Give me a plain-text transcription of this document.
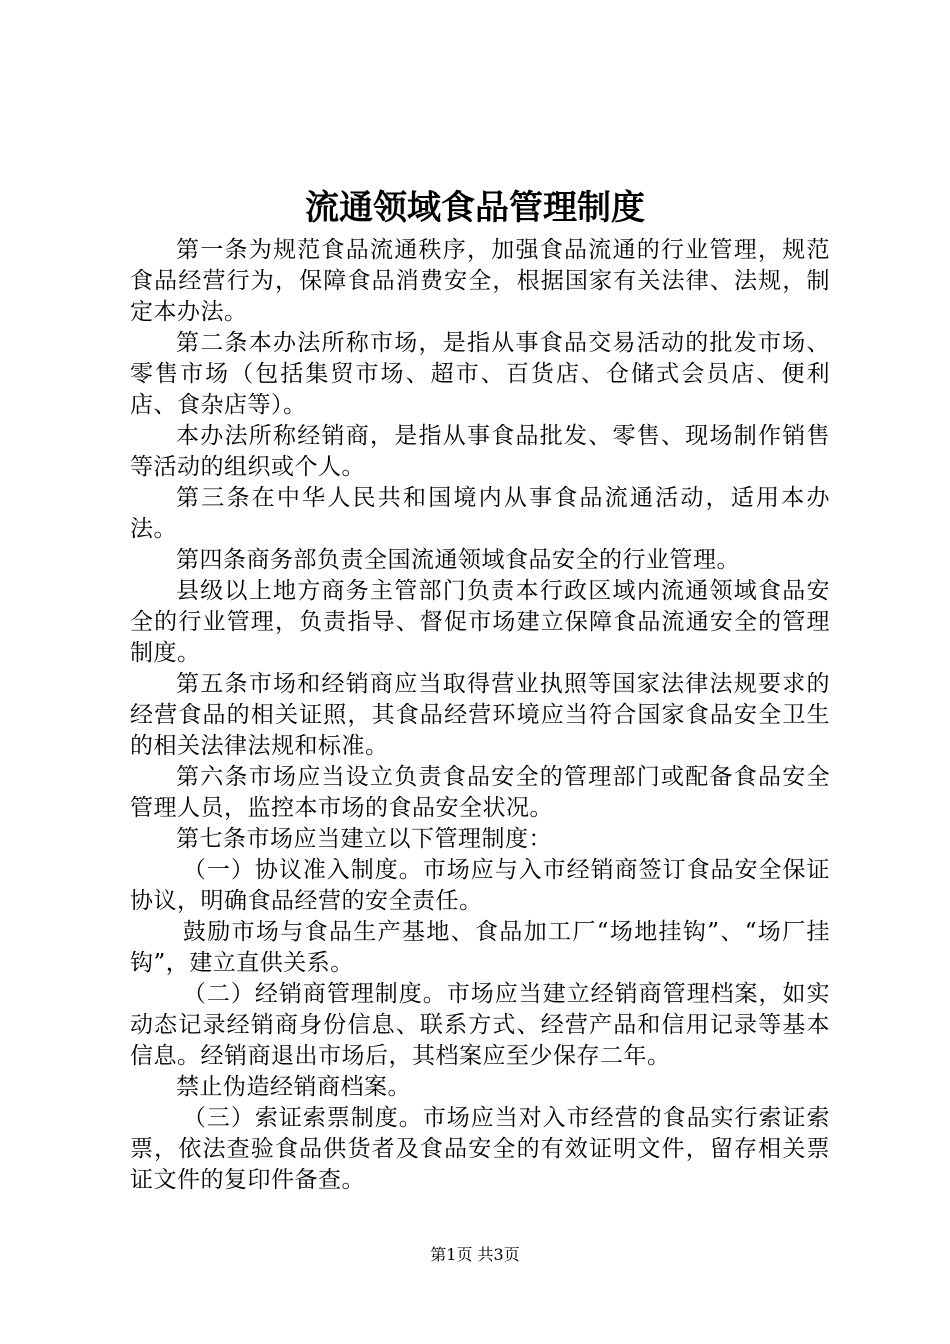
流通领域食品管理制度

第一条为规范食品流通秩序，加强食品流通的行业管理，规范食品经营行为，保障食品消费安全，根据国家有关法律、法规，制定本办法。

第二条本办法所称市场，是指从事食品交易活动的批发市场、零售市场（包括集贸市场、超市、百货店、仓储式会员店、便利店、食杂店等）。

本办法所称经销商，是指从事食品批发、零售、现场制作销售等活动的组织或个人。

第三条在中华人民共和国境内从事食品流通活动，适用本办法。

第四条商务部负责全国流通领域食品安全的行业管理。

县级以上地方商务主管部门负责本行政区域内流通领域食品安全的行业管理，负责指导、督促市场建立保障食品流通安全的管理制度。

第五条市场和经销商应当取得营业执照等国家法律法规要求的经营食品的相关证照，其食品经营环境应当符合国家食品安全卫生的相关法律法规和标准。

第六条市场应当设立负责食品安全的管理部门或配备食品安全管理人员，监控本市场的食品安全状况。

第七条市场应当建立以下管理制度：

（一）协议准入制度。市场应与入市经销商签订食品安全保证协议，明确食品经营的安全责任。

鼓励市场与食品生产基地、食品加工厂“场地挂钩”、“场厂挂钩”，建立直供关系。

（二）经销商管理制度。市场应当建立经销商管理档案，如实动态记录经销商身份信息、联系方式、经营产品和信用记录等基本信息。经销商退出市场后，其档案应至少保存二年。

禁止伪造经销商档案。

（三）索证索票制度。市场应当对入市经营的食品实行索证索票，依法查验食品供货者及食品安全的有效证明文件，留存相关票证文件的复印件备查。

第1页 共3页
